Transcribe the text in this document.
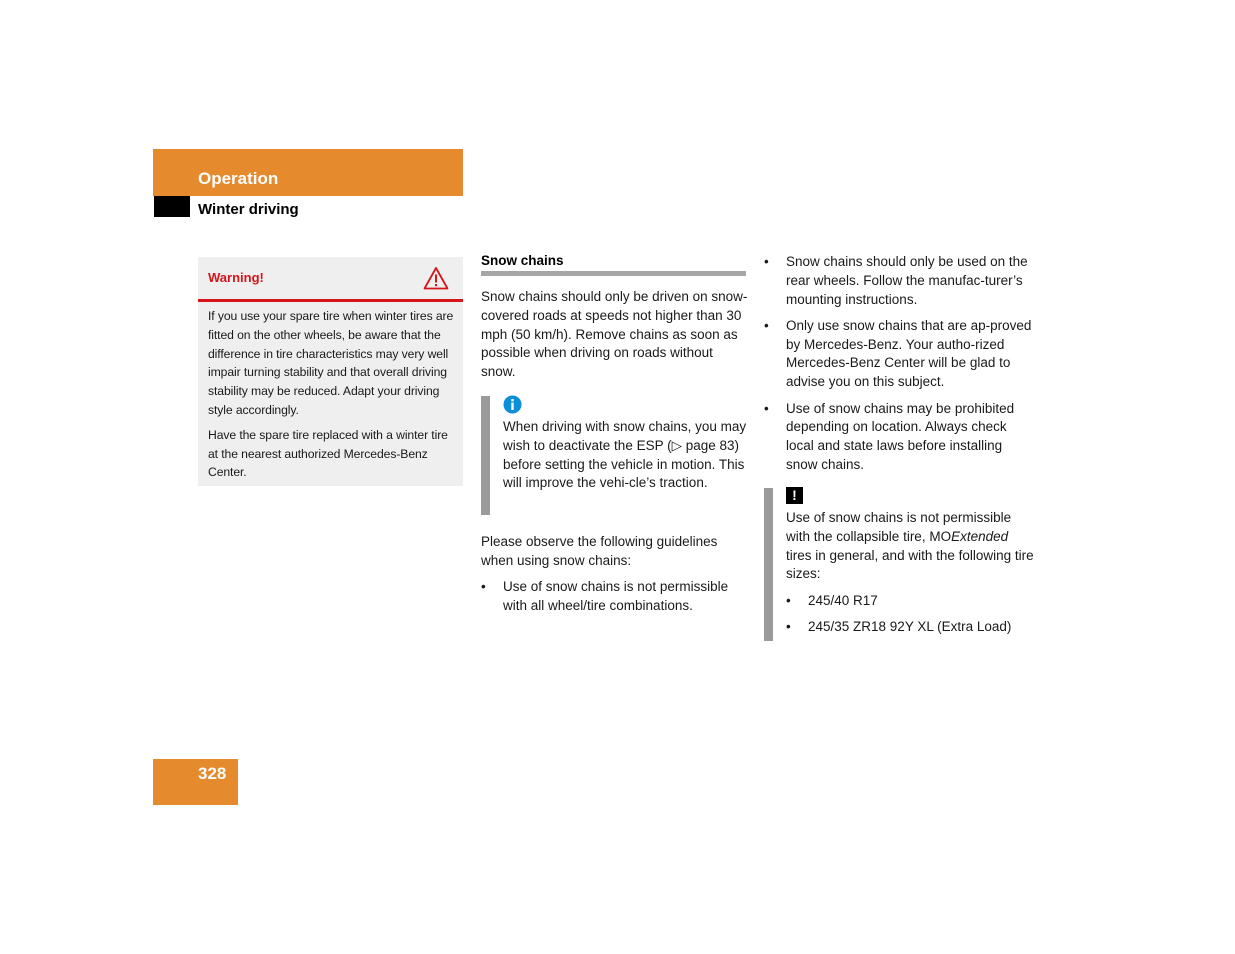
Operation
Winter driving
Warning!

If you use your spare tire when winter tires are fitted on the other wheels, be aware that the difference in tire characteristics may very well impair turning stability and that overall driving stability may be reduced. Adapt your driving style accordingly.

Have the spare tire replaced with a winter tire at the nearest authorized Mercedes-Benz Center.

Snow chains

Snow chains should only be driven on snow-covered roads at speeds not higher than 30 mph (50 km/h). Remove chains as soon as possible when driving on roads without snow.

When driving with snow chains, you may wish to deactivate the ESP (▷ page 83) before setting the vehicle in motion. This will improve the vehi-cle’s traction.

Please observe the following guidelines when using snow chains:

• Use of snow chains is not permissible with all wheel/tire combinations.
• Snow chains should only be used on the rear wheels. Follow the manufac-turer’s mounting instructions.
• Only use snow chains that are ap-proved by Mercedes-Benz. Your autho-rized Mercedes-Benz Center will be glad to advise you on this subject.
• Use of snow chains may be prohibited depending on location. Always check local and state laws before installing snow chains.
!

Use of snow chains is not permissible with the collapsible tire, MOExtended tires in general, and with the following tire sizes:

• 245/40 R17
• 245/35 ZR18 92Y XL (Extra Load)
328
